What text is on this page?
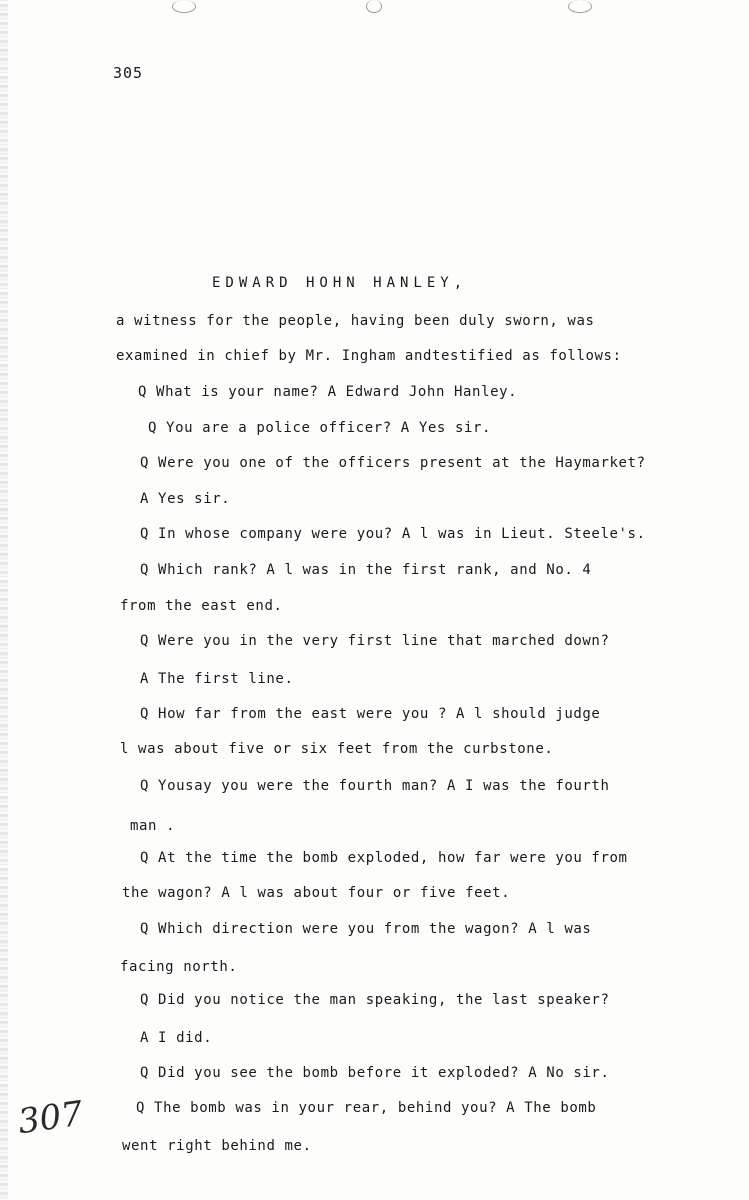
305
EDWARD HOHN HANLEY,
a witness for the people, having been duly sworn, was
examined in chief by Mr. Ingham andtestified as follows:
Q What is your name? A Edward John Hanley.
Q You are a police officer? A Yes sir.
Q Were you one of the officers present at the Haymarket?
A Yes sir.
Q In whose company were you? A l was in Lieut. Steele's.
Q Which rank? A l was in the first rank, and No. 4
from the east end.
Q Were you in the very first line that marched down?
A The first line.
Q How far from the east were you ? A l should judge
l was about five or six feet from the curbstone.
Q Yousay you were the fourth man? A I was the fourth
man .
Q At the time the bomb exploded, how far were you from
the wagon? A l was about four or five feet.
Q Which direction were you from the wagon? A l was
facing north.
Q Did you notice the man speaking, the last speaker?
A I did.
Q Did you see the bomb before it exploded? A No sir.
Q The bomb was in your rear, behind you? A The bomb
went right behind me.
307
